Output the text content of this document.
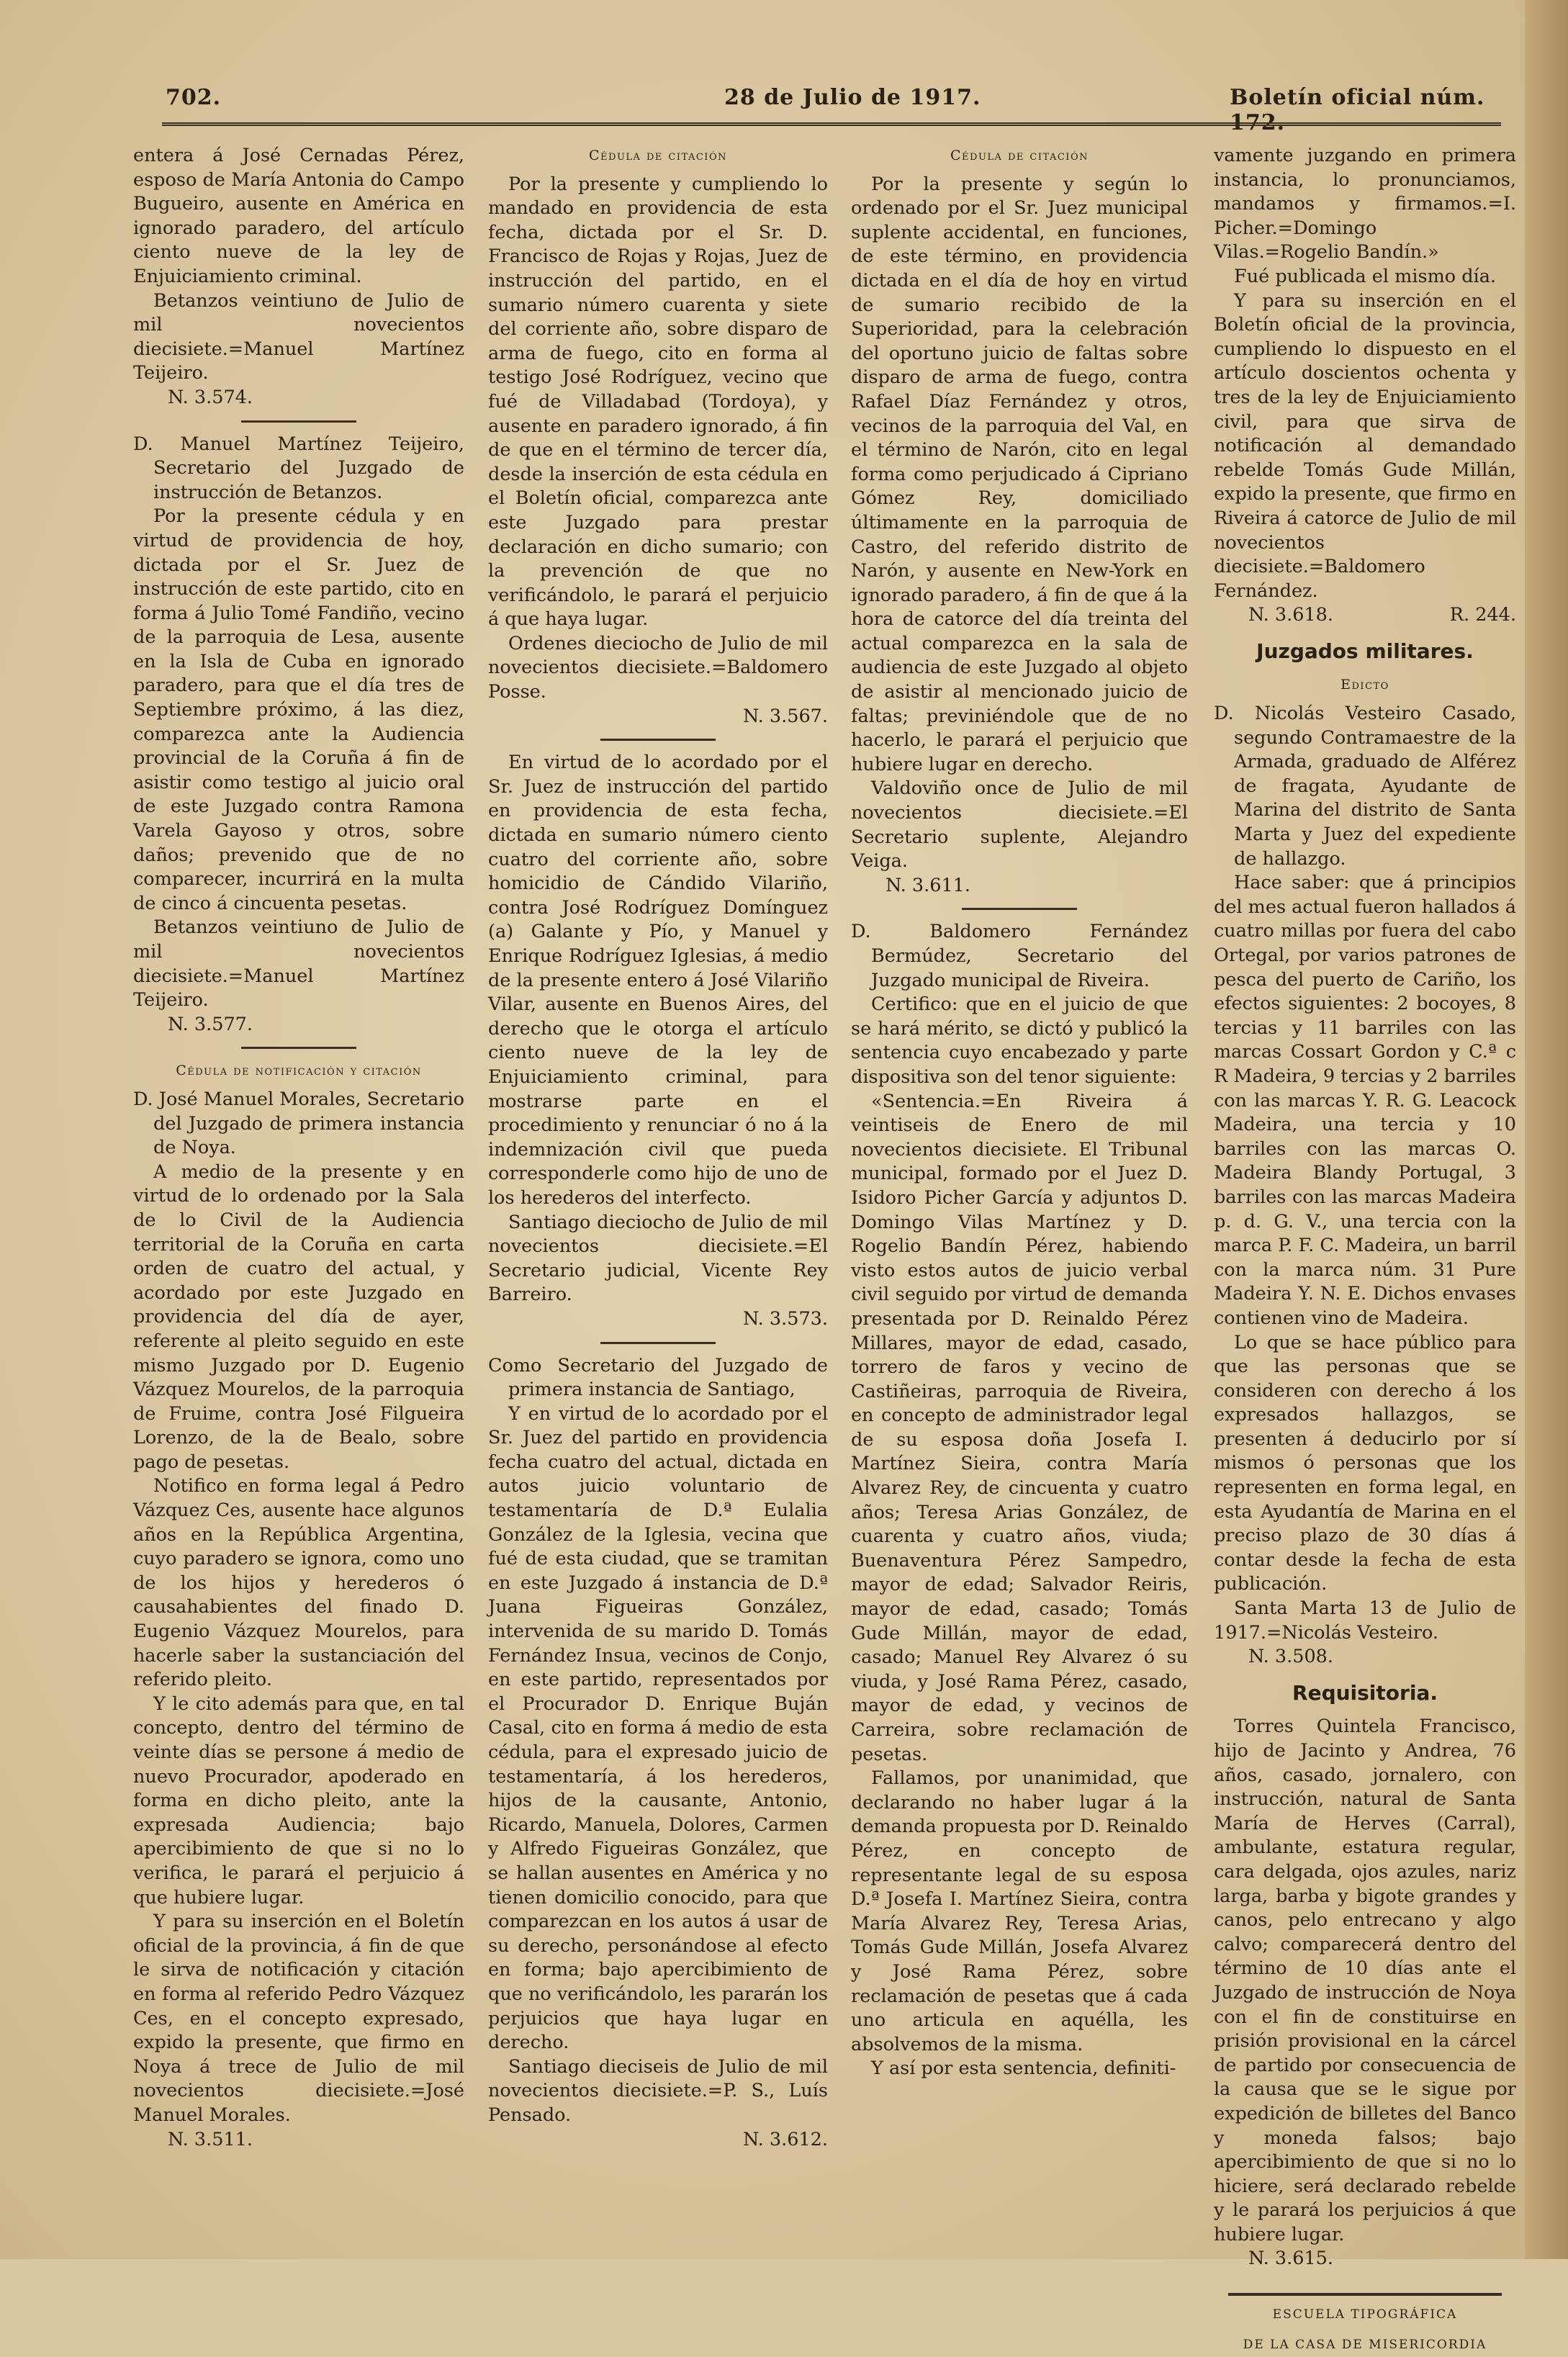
702.	28 de Julio de 1917.	Boletín oficial núm. 172.

entera á José Cernadas Pérez, esposo de María Antonia do Campo Bugueiro, ausente en América en ignorado paradero, del artículo ciento nueve de la ley de Enjuiciamiento criminal.

Betanzos veintiuno de Julio de mil novecientos diecisiete.=Manuel Martínez Teijeiro.

N. 3.574.

D. Manuel Martínez Teijeiro, Secretario del Juzgado de instrucción de Betanzos.

Por la presente cédula y en virtud de providencia de hoy, dictada por el Sr. Juez de instrucción de este partido, cito en forma á Julio Tomé Fandiño, vecino de la parroquia de Lesa, ausente en la Isla de Cuba en ignorado paradero, para que el día tres de Septiembre próximo, á las diez, comparezca ante la Audiencia provincial de la Coruña á fin de asistir como testigo al juicio oral de este Juzgado contra Ramona Varela Gayoso y otros, sobre daños; prevenido que de no comparecer, incurrirá en la multa de cinco á cincuenta pesetas.

Betanzos veintiuno de Julio de mil novecientos diecisiete.=Manuel Martínez Teijeiro.

N. 3.577.

Cédula de notificación y citación

D. José Manuel Morales, Secretario del Juzgado de primera instancia de Noya.

A medio de la presente y en virtud de lo ordenado por la Sala de lo Civil de la Audiencia territorial de la Coruña en carta orden de cuatro del actual, y acordado por este Juzgado en providencia del día de ayer, referente al pleito seguido en este mismo Juzgado por D. Eugenio Vázquez Mourelos, de la parroquia de Fruime, contra José Filgueira Lorenzo, de la de Bealo, sobre pago de pesetas.

Notifico en forma legal á Pedro Vázquez Ces, ausente hace algunos años en la República Argentina, cuyo paradero se ignora, como uno de los hijos y herederos ó causahabientes del finado D. Eugenio Vázquez Mourelos, para hacerle saber la sustanciación del referido pleito.

Y le cito además para que, en tal concepto, dentro del término de veinte días se persone á medio de nuevo Procurador, apoderado en forma en dicho pleito, ante la expresada Audiencia; bajo apercibimiento de que si no lo verifica, le parará el perjuicio á que hubiere lugar.

Y para su inserción en el Boletín oficial de la provincia, á fin de que le sirva de notificación y citación en forma al referido Pedro Vázquez Ces, en el concepto expresado, expido la presente, que firmo en Noya á trece de Julio de mil novecientos diecisiete.=José Manuel Morales.

N. 3.511.

Cédula de citación

Por la presente y cumpliendo lo mandado en providencia de esta fecha, dictada por el Sr. D. Francisco de Rojas y Rojas, Juez de instrucción del partido, en el sumario número cuarenta y siete del corriente año, sobre disparo de arma de fuego, cito en forma al testigo José Rodríguez, vecino que fué de Villadabad (Tordoya), y ausente en paradero ignorado, á fin de que en el término de tercer día, desde la inserción de esta cédula en el Boletín oficial, comparezca ante este Juzgado para prestar declaración en dicho sumario; con la prevención de que no verificándolo, le parará el perjuicio á que haya lugar.

Ordenes dieciocho de Julio de mil novecientos diecisiete.=Baldomero Posse.

N. 3.567.

En virtud de lo acordado por el Sr. Juez de instrucción del partido en providencia de esta fecha, dictada en sumario número ciento cuatro del corriente año, sobre homicidio de Cándido Vilariño, contra José Rodríguez Domínguez (a) Galante y Pío, y Manuel y Enrique Rodríguez Iglesias, á medio de la presente entero á José Vilariño Vilar, ausente en Buenos Aires, del derecho que le otorga el artículo ciento nueve de la ley de Enjuiciamiento criminal, para mostrarse parte en el procedimiento y renunciar ó no á la indemnización civil que pueda corresponderle como hijo de uno de los herederos del interfecto.

Santiago dieciocho de Julio de mil novecientos diecisiete.=El Secretario judicial, Vicente Rey Barreiro.

N. 3.573.

Como Secretario del Juzgado de primera instancia de Santiago,

Y en virtud de lo acordado por el Sr. Juez del partido en providencia fecha cuatro del actual, dictada en autos juicio voluntario de testamentaría de D.ª Eulalia González de la Iglesia, vecina que fué de esta ciudad, que se tramitan en este Juzgado á instancia de D.ª Juana Figueiras González, intervenida de su marido D. Tomás Fernández Insua, vecinos de Conjo, en este partido, representados por el Procurador D. Enrique Buján Casal, cito en forma á medio de esta cédula, para el expresado juicio de testamentaría, á los herederos, hijos de la causante, Antonio, Ricardo, Manuela, Dolores, Carmen y Alfredo Figueiras González, que se hallan ausentes en América y no tienen domicilio conocido, para que comparezcan en los autos á usar de su derecho, personándose al efecto en forma; bajo apercibimiento de que no verificándolo, les pararán los perjuicios que haya lugar en derecho.

Santiago dieciseis de Julio de mil novecientos diecisiete.=P. S., Luís Pensado.

N. 3.612.

Cédula de citación

Por la presente y según lo ordenado por el Sr. Juez municipal suplente accidental, en funciones, de este término, en providencia dictada en el día de hoy en virtud de sumario recibido de la Superioridad, para la celebración del oportuno juicio de faltas sobre disparo de arma de fuego, contra Rafael Díaz Fernández y otros, vecinos de la parroquia del Val, en el término de Narón, cito en legal forma como perjudicado á Cipriano Gómez Rey, domiciliado últimamente en la parroquia de Castro, del referido distrito de Narón, y ausente en New-York en ignorado paradero, á fin de que á la hora de catorce del día treinta del actual comparezca en la sala de audiencia de este Juzgado al objeto de asistir al mencionado juicio de faltas; previniéndole que de no hacerlo, le parará el perjuicio que hubiere lugar en derecho.

Valdoviño once de Julio de mil novecientos diecisiete.=El Secretario suplente, Alejandro Veiga.

N. 3.611.

D. Baldomero Fernández Bermúdez, Secretario del Juzgado municipal de Riveira.

Certifico: que en el juicio de que se hará mérito, se dictó y publicó la sentencia cuyo encabezado y parte dispositiva son del tenor siguiente:

«Sentencia.=En Riveira á veintiseis de Enero de mil novecientos diecisiete. El Tribunal municipal, formado por el Juez D. Isidoro Picher García y adjuntos D. Domingo Vilas Martínez y D. Rogelio Bandín Pérez, habiendo visto estos autos de juicio verbal civil seguido por virtud de demanda presentada por D. Reinaldo Pérez Millares, mayor de edad, casado, torrero de faros y vecino de Castiñeiras, parroquia de Riveira, en concepto de administrador legal de su esposa doña Josefa I. Martínez Sieira, contra María Alvarez Rey, de cincuenta y cuatro años; Teresa Arias González, de cuarenta y cuatro años, viuda; Buenaventura Pérez Sampedro, mayor de edad; Salvador Reiris, mayor de edad, casado; Tomás Gude Millán, mayor de edad, casado; Manuel Rey Alvarez ó su viuda, y José Rama Pérez, casado, mayor de edad, y vecinos de Carreira, sobre reclamación de pesetas.

Fallamos, por unanimidad, que declarando no haber lugar á la demanda propuesta por D. Reinaldo Pérez, en concepto de representante legal de su esposa D.ª Josefa I. Martínez Sieira, contra María Alvarez Rey, Teresa Arias, Tomás Gude Millán, Josefa Alvarez y José Rama Pérez, sobre reclamación de pesetas que á cada uno articula en aquélla, les absolvemos de la misma.

Y así por esta sentencia, definiti-

vamente juzgando en primera instancia, lo pronunciamos, mandamos y firmamos.=I. Picher.=Domingo Vilas.=Rogelio Bandín.»

Fué publicada el mismo día.

Y para su inserción en el Boletín oficial de la provincia, cumpliendo lo dispuesto en el artículo doscientos ochenta y tres de la ley de Enjuiciamiento civil, para que sirva de notificación al demandado rebelde Tomás Gude Millán, expido la presente, que firmo en Riveira á catorce de Julio de mil novecientos diecisiete.=Baldomero Fernández.

N. 3.618.	R. 244.

Juzgados militares.
Edicto

D. Nicolás Vesteiro Casado, segundo Contramaestre de la Armada, graduado de Alférez de fragata, Ayudante de Marina del distrito de Santa Marta y Juez del expediente de hallazgo.

Hace saber: que á principios del mes actual fueron hallados á cuatro millas por fuera del cabo Ortegal, por varios patrones de pesca del puerto de Cariño, los efectos siguientes: 2 bocoyes, 8 tercias y 11 barriles con las marcas Cossart Gordon y C.ª c R Madeira, 9 tercias y 2 barriles con las marcas Y. R. G. Leacock Madeira, una tercia y 10 barriles con las marcas O. Madeira Blandy Portugal, 3 barriles con las marcas Madeira p. d. G. V., una tercia con la marca P. F. C. Madeira, un barril con la marca núm. 31 Pure Madeira Y. N. E. Dichos envases contienen vino de Madeira.

Lo que se hace público para que las personas que se consideren con derecho á los expresados hallazgos, se presenten á deducirlo por sí mismos ó personas que los representen en forma legal, en esta Ayudantía de Marina en el preciso plazo de 30 días á contar desde la fecha de esta publicación.

Santa Marta 13 de Julio de 1917.=Nicolás Vesteiro.

N. 3.508.

Requisitoria.

Torres Quintela Francisco, hijo de Jacinto y Andrea, 76 años, casado, jornalero, con instrucción, natural de Santa María de Herves (Carral), ambulante, estatura regular, cara delgada, ojos azules, nariz larga, barba y bigote grandes y canos, pelo entrecano y algo calvo; comparecerá dentro del término de 10 días ante el Juzgado de instrucción de Noya con el fin de constituirse en prisión provisional en la cárcel de partido por consecuencia de la causa que se le sigue por expedición de billetes del Banco y moneda falsos; bajo apercibimiento de que si no lo hiciere, será declarado rebelde y le parará los perjuicios á que hubiere lugar.

N. 3.615.

ESCUELA TIPOGRÁFICA

DE LA CASA DE MISERICORDIA
